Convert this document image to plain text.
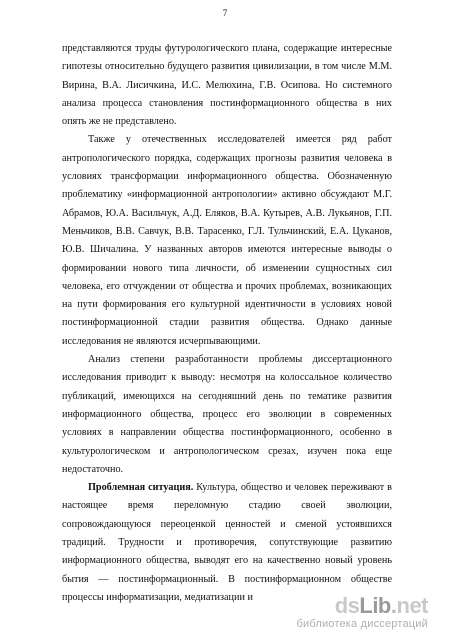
7

представляются труды футурологического плана, содержащие интересные гипотезы относительно будущего развития цивилизации, в том числе М.М. Вирина, В.А. Лисичкина, И.С. Мелюхина, Г.В. Осипова. Но системного анализа процесса становления постинформационного общества в них опять же не представлено.

Также у отечественных исследователей имеется ряд работ антропологического порядка, содержащих прогнозы развития человека в условиях трансформации информационного общества. Обозначенную проблематику «информационной антропологии» активно обсуждают М.Г. Абрамов, Ю.А. Васильчук, А.Д. Еляков, В.А. Кутырев, А.В. Лукьянов, Г.П. Меньчиков, В.В. Савчук, В.В. Тарасенко, Г.Л. Тульчинский, Е.А. Цуканов, Ю.В. Шичалина. У названных авторов имеются интересные выводы о формировании нового типа личности, об изменении сущностных сил человека, его отчуждении от общества и прочих проблемах, возникающих на пути формирования его культурной идентичности в условиях новой постинформационной стадии развития общества. Однако данные исследования не являются исчерпывающими.

Анализ степени разработанности проблемы диссертационного исследования приводит к выводу: несмотря на колоссальное количество публикаций, имеющихся на сегодняшний день по тематике развития информационного общества, процесс его эволюции в современных условиях в направлении общества постинформационного, особенно в культурологическом и антропологическом срезах, изучен пока еще недостаточно.

Проблемная ситуация. Культура, общество и человек переживают в настоящее время переломную стадию своей эволюции, сопровождающуюся переоценкой ценностей и сменой устоявшихся традиций. Трудности и противоречия, сопутствующие развитию информационного общества, выводят его на качественно новый уровень бытия — постинформационный. В постинформационном обществе процессы информатизации, медиатизации и	dsLib.net
библиотека диссертаций
